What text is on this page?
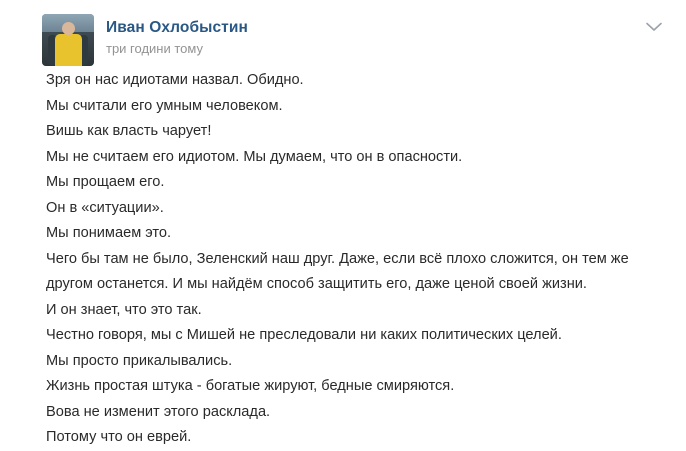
Иван Охлобыстин
три години тому

Зря он нас идиотами назвал. Обидно.

Мы считали его умным человеком.

Вишь как власть чарует!

Мы не считаем его идиотом. Мы думаем, что он в опасности.

Мы прощаем его.

Он в «ситуации».

Мы понимаем это.

Чего бы там не было, Зеленский наш друг. Даже, если всё плохо сложится, он тем же другом останется. И мы найдём способ защитить его, даже ценой своей жизни.

И он знает, что это так.

Честно говоря, мы с Мишей не преследовали ни каких политических целей.

Мы просто прикалывались.

Жизнь простая штука - богатые жируют, бедные смиряются.

Вова не изменит этого расклада.

Потому что он еврей.
